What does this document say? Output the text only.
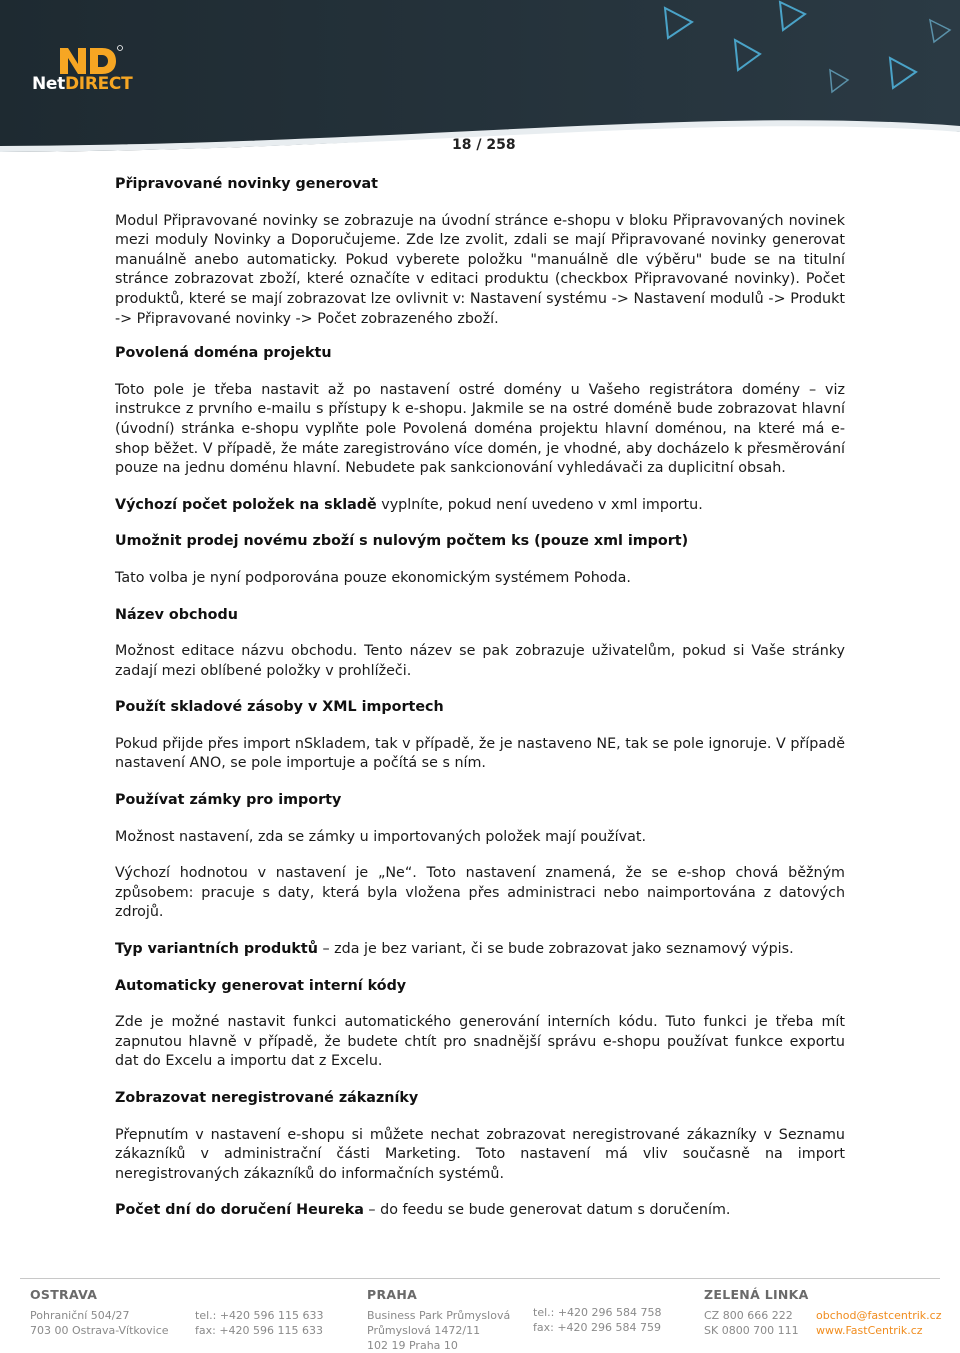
NetDIRECT
18 / 258

Připravované novinky generovat

Modul Připravované novinky se zobrazuje na úvodní stránce e-shopu v bloku Připravovaných novinek mezi moduly Novinky a Doporučujeme. Zde lze zvolit, zdali se mají Připravované novinky generovat manuálně anebo automaticky. Pokud vyberete položku "manuálně dle výběru" bude se na titulní stránce zobrazovat zboží, které označíte v editaci produktu (checkbox Připravované novinky). Počet produktů, které se mají zobrazovat lze ovlivnit v: Nastavení systému -> Nastavení modulů -> Produkt -> Připravované novinky -> Počet zobrazeného zboží.

Povolená doména projektu

Toto pole je třeba nastavit až po nastavení ostré domény u Vašeho registrátora domény – viz instrukce z prvního e-mailu s přístupy k e-shopu. Jakmile se na ostré doméně bude zobrazovat hlavní (úvodní) stránka e-shopu vyplňte pole Povolená doména projektu hlavní doménou, na které má e-shop běžet. V případě, že máte zaregistrováno více domén, je vhodné, aby docházelo k přesměrování pouze na jednu doménu hlavní. Nebudete pak sankcionování vyhledávači za duplicitní obsah.

Výchozí počet položek na skladě vyplníte, pokud není uvedeno v xml importu.

Umožnit prodej novému zboží s nulovým počtem ks (pouze xml import)

Tato volba je nyní podporována pouze ekonomickým systémem Pohoda.

Název obchodu

Možnost editace názvu obchodu. Tento název se pak zobrazuje uživatelům, pokud si Vaše stránky zadají mezi oblíbené položky v prohlížeči.

Použít skladové zásoby v XML importech

Pokud přijde přes import nSkladem, tak v případě, že je nastaveno NE, tak se pole ignoruje. V případě nastavení ANO, se pole importuje a počítá se s ním.

Používat zámky pro importy

Možnost nastavení, zda se zámky u importovaných položek mají používat.

Výchozí hodnotou v nastavení je „Ne“. Toto nastavení znamená, že se e-shop chová běžným způsobem: pracuje s daty, která byla vložena přes administraci nebo naimportována z datových zdrojů.

Typ variantních produktů – zda je bez variant, či se bude zobrazovat jako seznamový výpis.

Automaticky generovat interní kódy

Zde je možné nastavit funkci automatického generování interních kódu. Tuto funkci je třeba mít zapnutou hlavně v případě, že budete chtít pro snadnější správu e-shopu používat funkce exportu dat do Excelu a importu dat z Excelu.

Zobrazovat neregistrované zákazníky

Přepnutím v nastavení e-shopu si můžete nechat zobrazovat neregistrované zákazníky v Seznamu zákazníků v administrační části Marketing. Toto nastavení má vliv současně na import neregistrovaných zákazníků do informačních systémů.

Počet dní do doručení Heureka – do feedu se bude generovat datum s doručením.

OSTRAVA
Pohraniční 504/27
703 00 Ostrava-Vítkovice
tel.: +420 596 115 633
fax: +420 596 115 633
PRAHA
Business Park Průmyslová
Průmyslová 1472/11
102 19 Praha 10
tel.: +420 296 584 758
fax: +420 296 584 759
ZELENÁ LINKA
CZ 800 666 222
SK 0800 700 111
obchod@fastcentrik.cz
www.FastCentrik.cz
